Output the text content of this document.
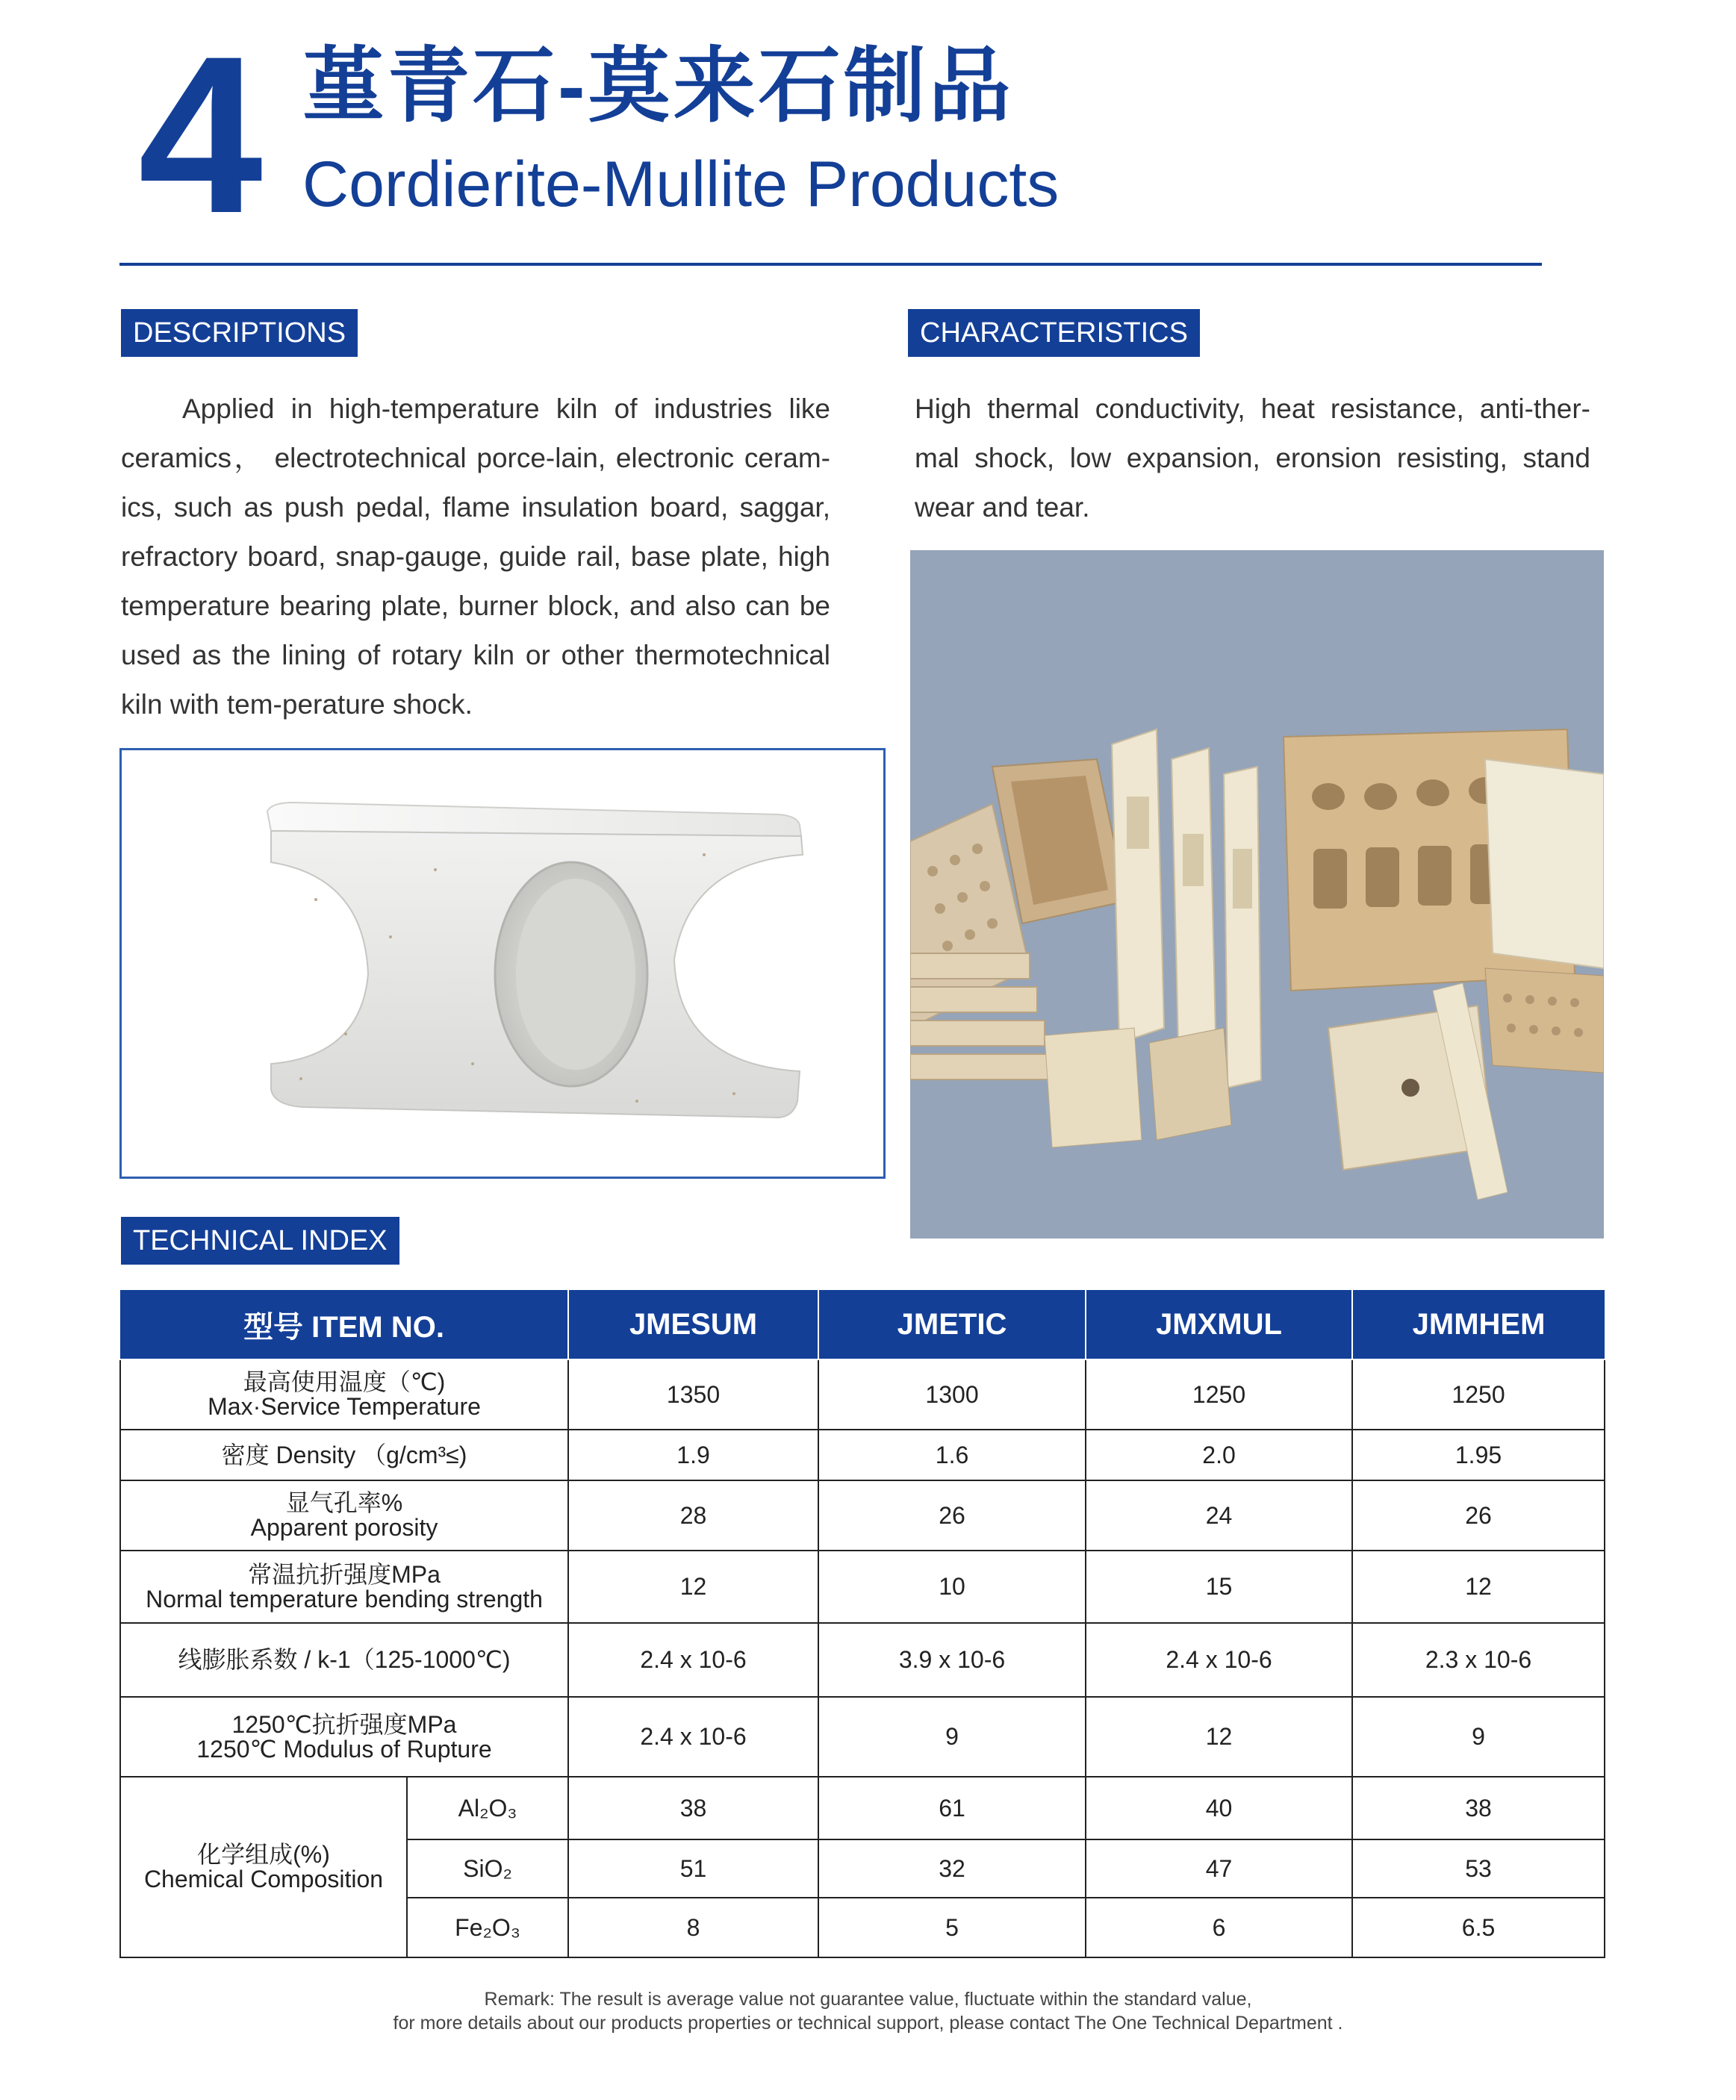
4 堇青石-莫来石制品
Cordierite-Mullite Products
DESCRIPTIONS
Applied in high-temperature kiln of industries like ceramics， electrotechnical porce-lain, electronic ceram-ics, such as push pedal, flame insulation board, saggar, refractory board, snap-gauge, guide rail, base plate, high temperature bearing plate, burner block, and also can be used as the lining of rotary kiln or other thermotechnical kiln with tem-perature shock.
CHARACTERISTICS
High thermal conductivity, heat resistance, anti-ther-mal shock, low expansion, eronsion resisting, stand wear and tear.
TECHNICAL INDEX
型号 ITEM NO.		JMESUM	JMETIC	JMXMUL	JMMHEM

最高使用温度（℃)
Max·Service Temperature		1350	1300	1250	1250

密度 Density （g/cm³≤)		1.9	1.6	2.0	1.95

显气孔率%
Apparent porosity		28	26	24	26

常温抗折强度MPa
Normal temperature bending strength		12	10	15	12

线膨胀系数 / k-1（125-1000℃)		2.4 x 10-6	3.9 x 10-6	2.4 x 10-6	2.3 x 10-6

1250℃抗折强度MPa
1250℃ Modulus of Rupture		2.4 x 10-6	9	12	9

化学组成(%)
Chemical Composition	Al₂O₃	38	61	40	38
	SiO₂	51	32	47	53
	Fe₂O₃	8	5	6	6.5
Remark: The result is average value not guarantee value, fluctuate within the standard value,
for more details about our products properties or technical support, please contact The One Technical Department .
